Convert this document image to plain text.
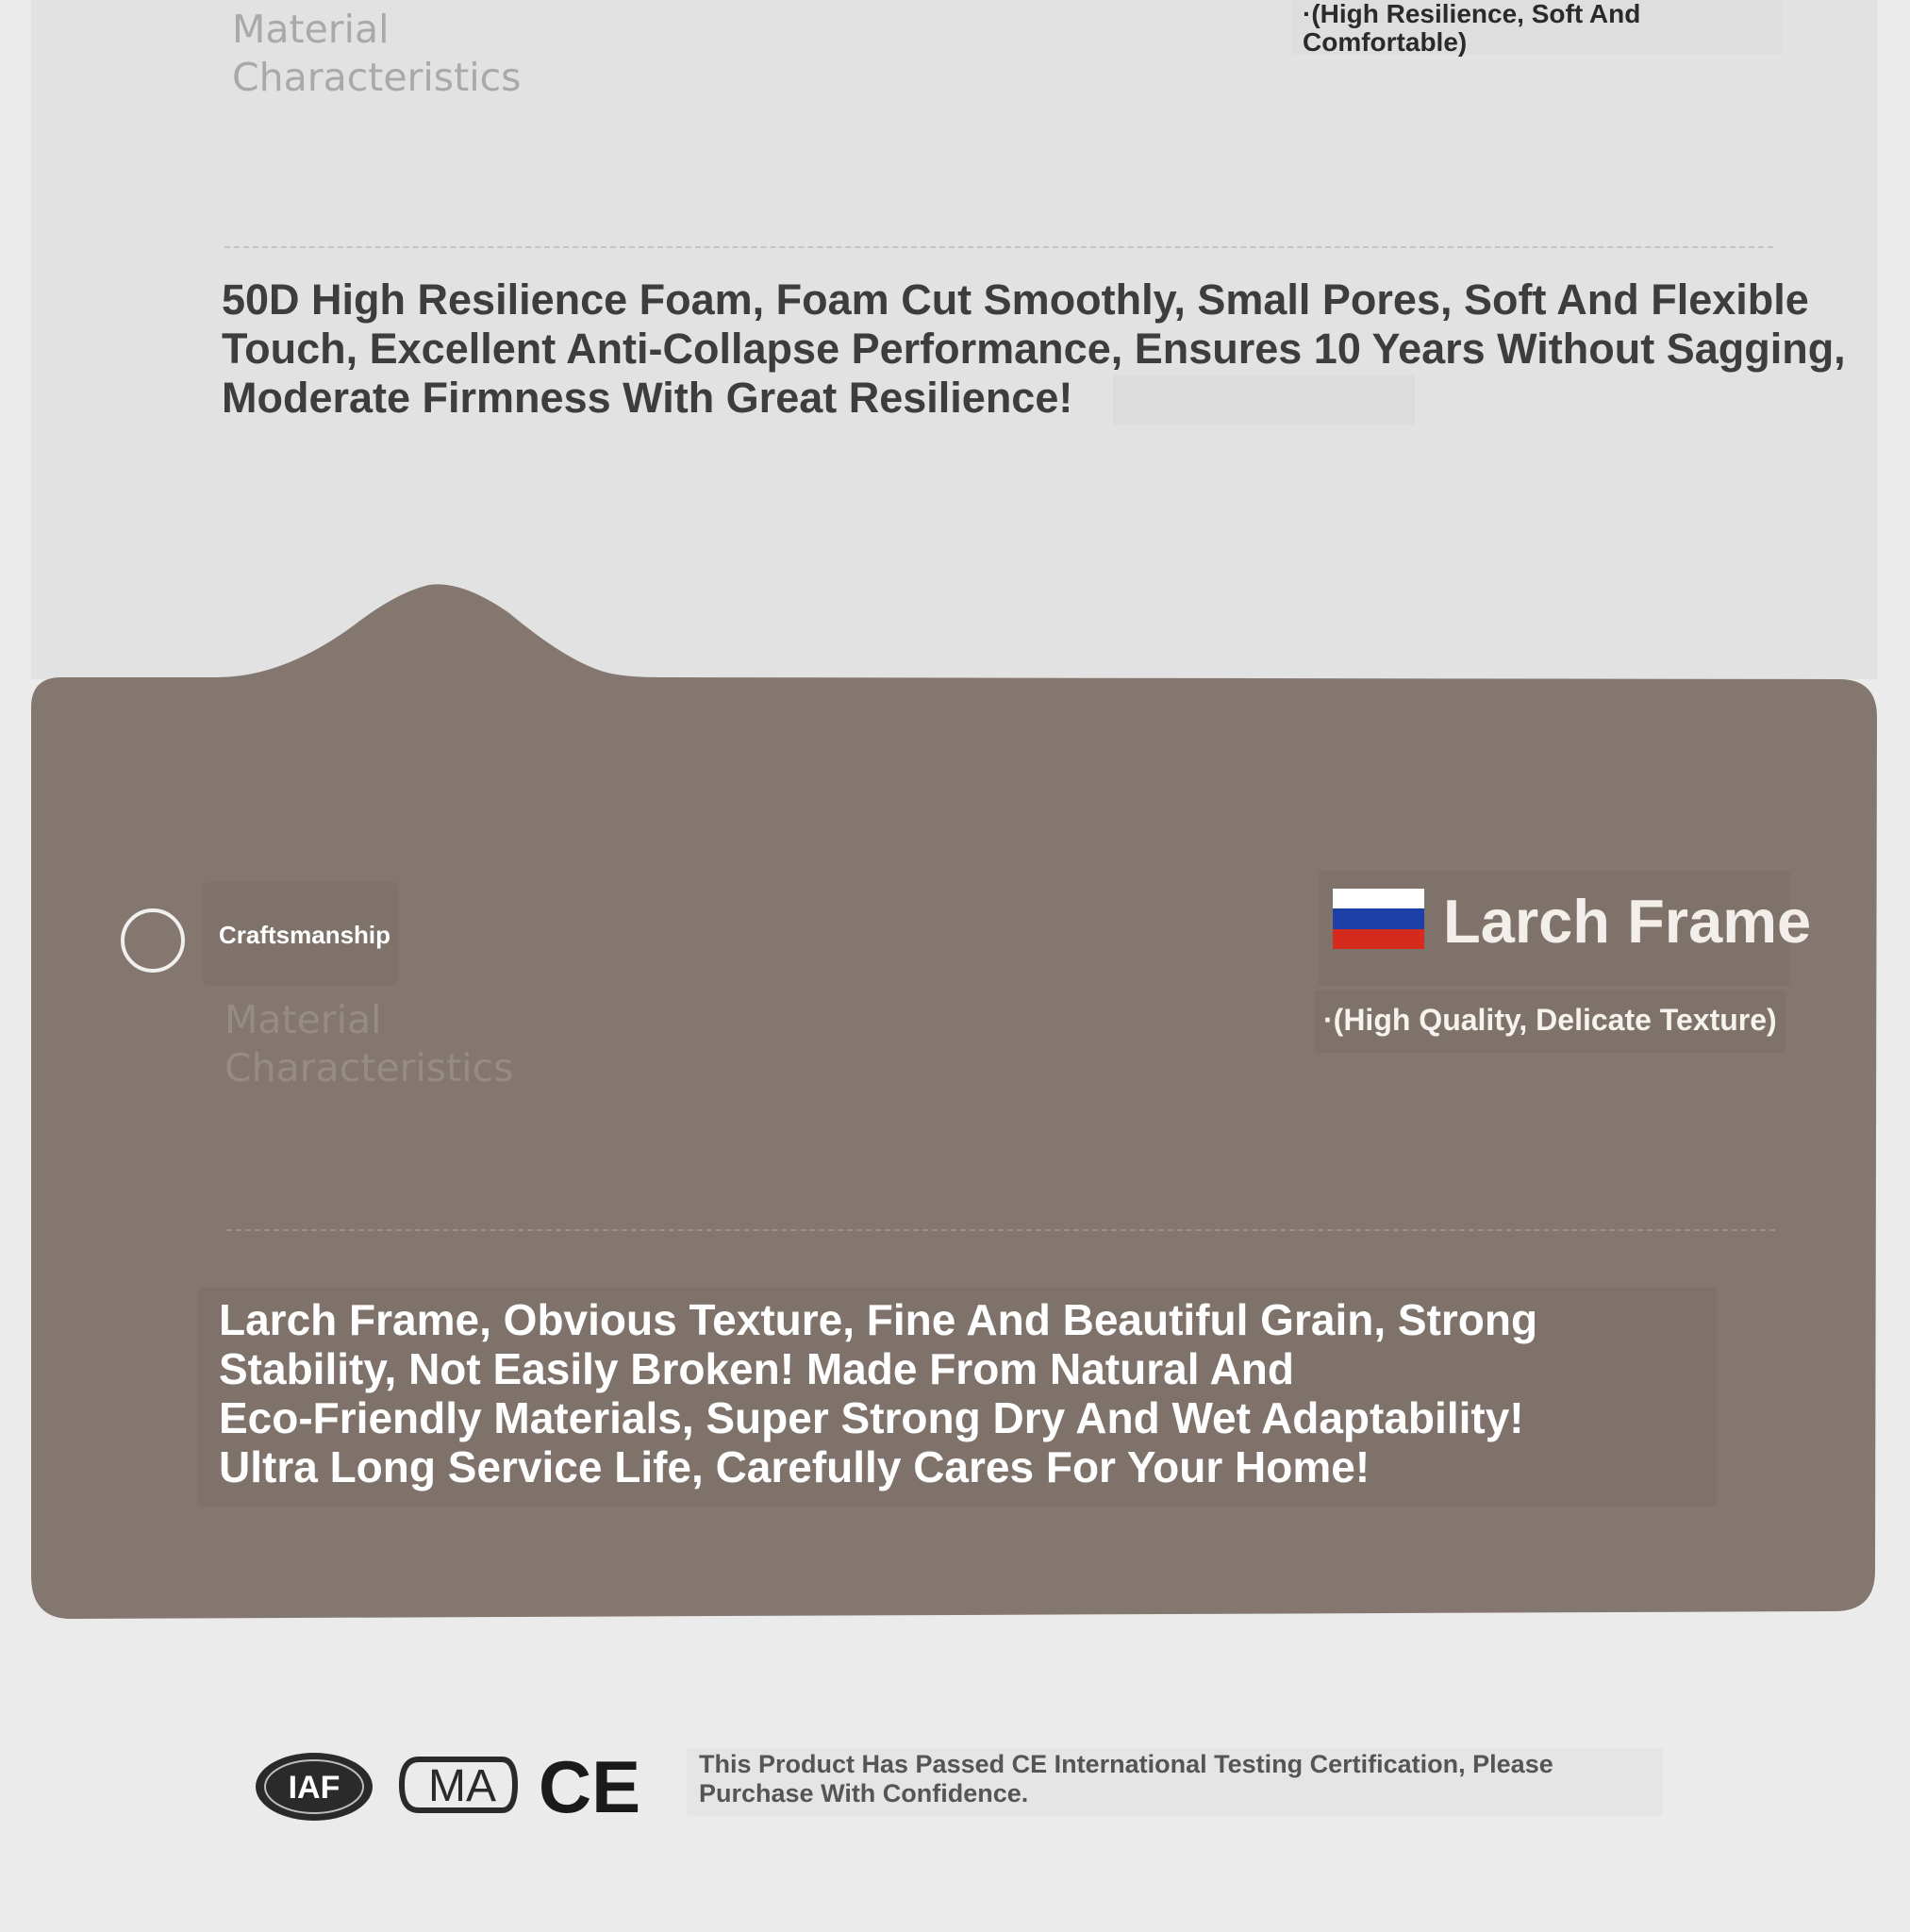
Material
Characteristics
·(High Resilience, Soft And
Comfortable)

50D High Resilience Foam, Foam Cut Smoothly, Small Pores, Soft And Flexible Touch, Excellent Anti-Collapse Performance, Ensures 10 Years Without Sagging, Moderate Firmness With Great Resilience!

Craftsmanship
Material
Characteristics
Larch Frame
·(High Quality, Delicate Texture)
Larch Frame, Obvious Texture, Fine And Beautiful Grain, Strong
Stability, Not Easily Broken! Made From Natural And
Eco-Friendly Materials, Super Strong Dry And Wet Adaptability!
Ultra Long Service Life, Carefully Cares For Your Home!
IAF MA CE This Product Has Passed CE International Testing Certification, Please Purchase With Confidence.
